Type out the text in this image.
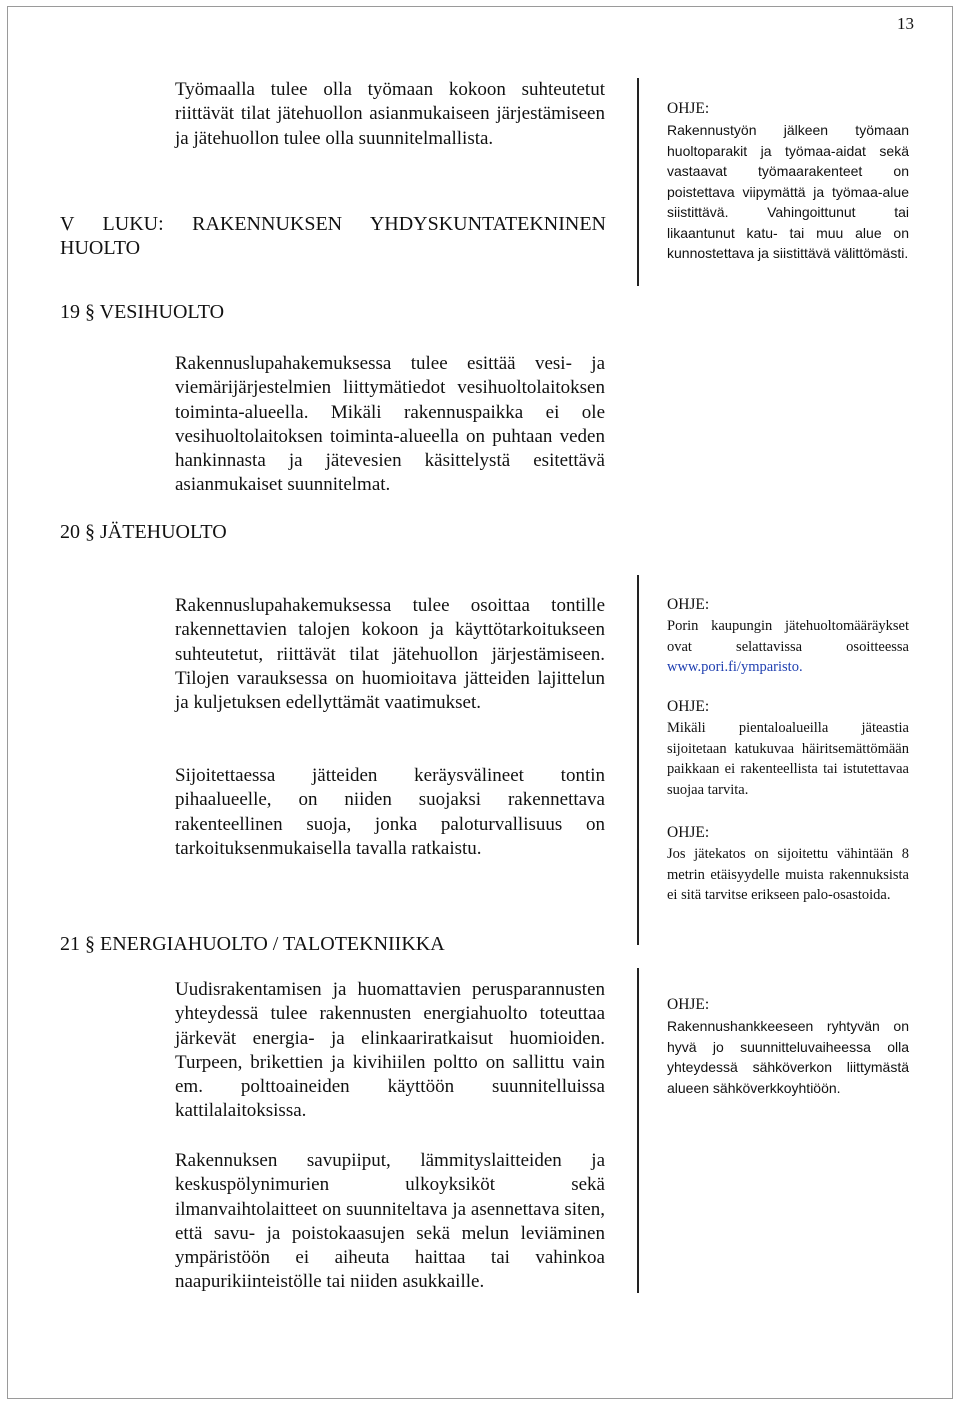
13
Työmaalla tulee olla työmaan kokoon suhteutetut riittävät tilat jätehuollon asianmukaiseen järjestämiseen ja jätehuollon tulee olla suunnitelmallista.
V LUKU: RAKENNUKSEN YHDYSKUNTATEKNINEN HUOLTO
OHJE:
Rakennustyön jälkeen työmaan huoltoparakit ja työmaa-aidat sekä vastaavat työmaarakenteet on poistettava viipymättä ja työmaa-alue siistittävä. Vahingoittunut tai likaantunut katu- tai muu alue on kunnostettava ja siistittävä välittömästi.
19 § VESIHUOLTO
Rakennuslupahakemuksessa tulee esittää vesi- ja viemärijärjestelmien liittymätiedot vesihuoltolaitoksen toiminta-alueella. Mikäli rakennuspaikka ei ole vesihuoltolaitoksen toiminta-alueella on puhtaan veden hankinnasta ja jätevesien käsittelystä esitettävä asianmukaiset suunnitelmat.
20 § JÄTEHUOLTO
Rakennuslupahakemuksessa tulee osoittaa tontille rakennettavien talojen kokoon ja käyttötarkoitukseen suhteutetut, riittävät tilat jätehuollon järjestämiseen. Tilojen varauksessa on huomioitava jätteiden lajittelun ja kuljetuksen edellyttämät vaatimukset.
Sijoitettaessa jätteiden keräysvälineet tontin pihaalueelle, on niiden suojaksi rakennettava rakenteellinen suoja, jonka paloturvallisuus on tarkoituksenmukaisella tavalla ratkaistu.
OHJE:
Porin kaupungin jätehuoltomääräykset ovat selattavissa osoitteessa www.pori.fi/ymparisto.
OHJE:
Mikäli pientaloalueilla jäteastia sijoitetaan katukuvaa häiritsemättömään paikkaan ei rakenteellista tai istutettavaa suojaa tarvita.
OHJE:
Jos jätekatos on sijoitettu vähintään 8 metrin etäisyydelle muista rakennuksista ei sitä tarvitse erikseen palo-osastoida.
21 § ENERGIAHUOLTO / TALOTEKNIIKKA
Uudisrakentamisen ja huomattavien perusparannusten yhteydessä tulee rakennusten energiahuolto toteuttaa järkevät energia- ja elinkaariratkaisut huomioiden. Turpeen, brikettien ja kivihiilen poltto on sallittu vain em. polttoaineiden käyttöön suunnitelluissa kattilalaitoksissa.
Rakennuksen savupiiput, lämmityslaitteiden ja keskuspölynimurien ulkoyksiköt sekä ilmanvaihtolaitteet on suunniteltava ja asennettava siten, että savu- ja poistokaasujen sekä melun leviäminen ympäristöön ei aiheuta haittaa tai vahinkoa naapurikiinteistölle tai niiden asukkaille.
OHJE:
Rakennushankkeeseen ryhtyvän on hyvä jo suunnitteluvaiheessa olla yhteydessä sähköverkon liittymästä alueen sähköverkkoyhtiöön.
